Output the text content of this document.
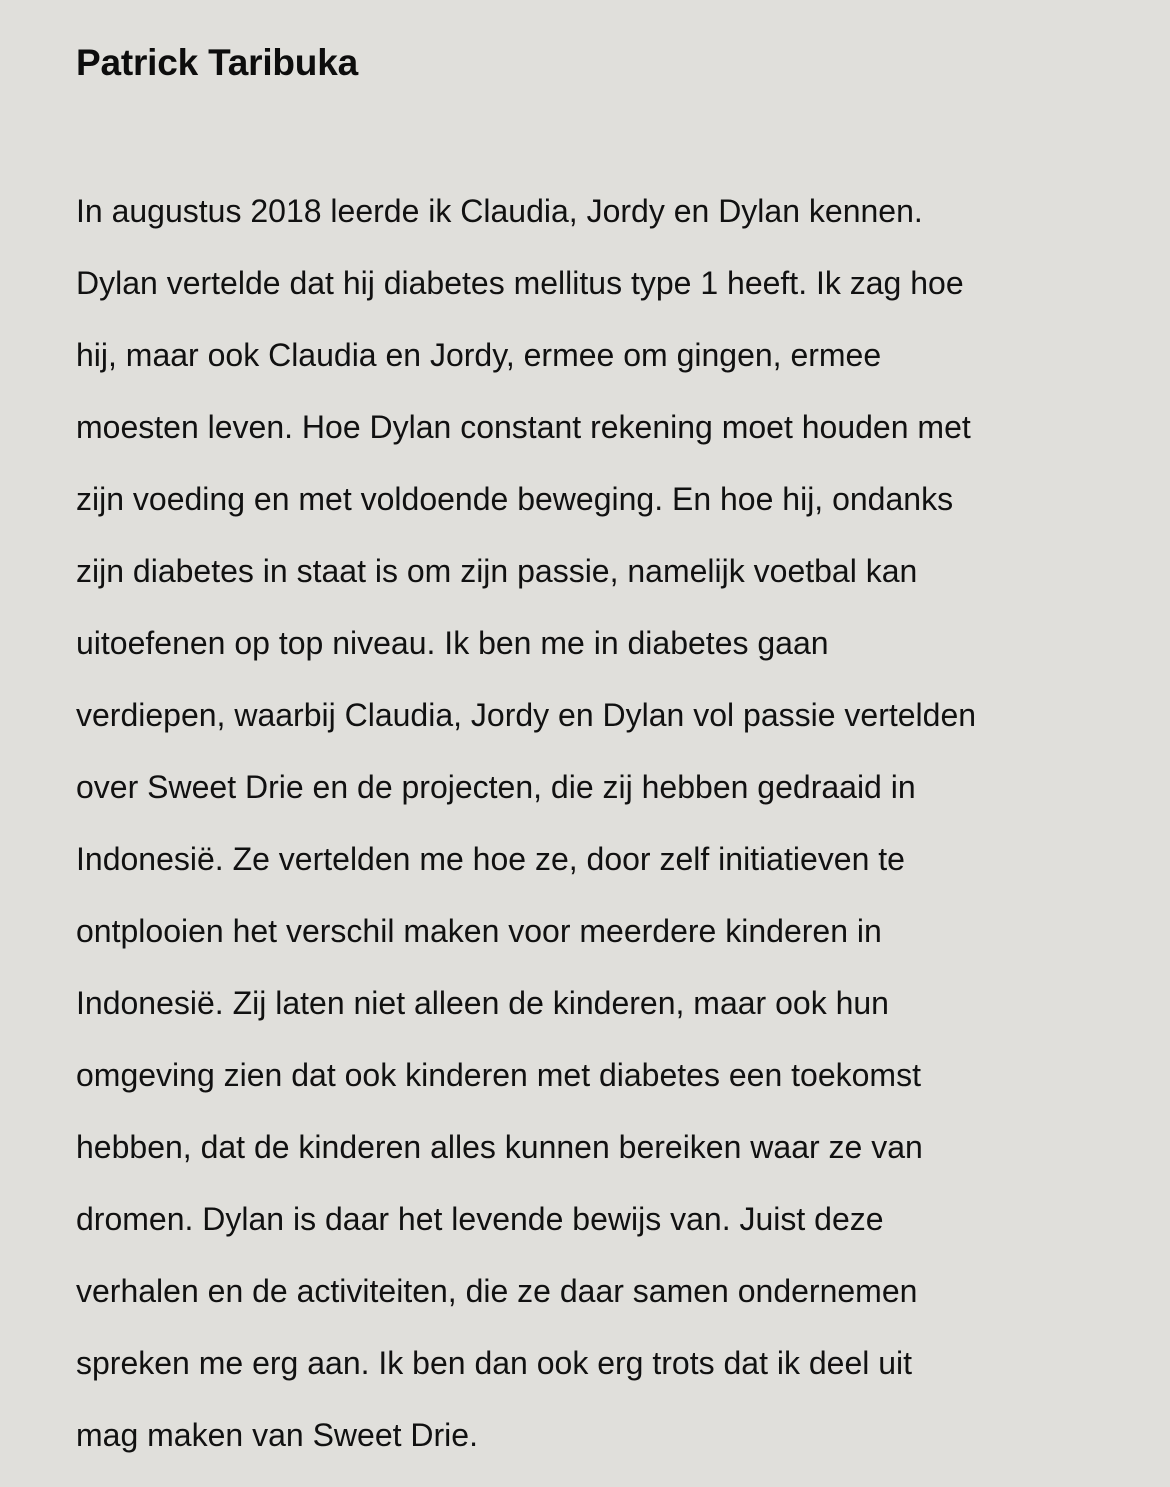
Patrick Taribuka
In augustus 2018 leerde ik Claudia, Jordy en Dylan kennen.
Dylan vertelde dat hij diabetes mellitus type 1 heeft. Ik zag hoe
hij, maar ook Claudia en Jordy, ermee om gingen, ermee
moesten leven. Hoe Dylan constant rekening moet houden met
zijn voeding en met voldoende beweging. En hoe hij, ondanks
zijn diabetes in staat is om zijn passie, namelijk voetbal kan
uitoefenen op top niveau. Ik ben me in diabetes gaan
verdiepen, waarbij Claudia, Jordy en Dylan vol passie vertelden
over Sweet Drie en de projecten, die zij hebben gedraaid in
Indonesië. Ze vertelden me hoe ze, door zelf initiatieven te
ontplooien het verschil maken voor meerdere kinderen in
Indonesië. Zij laten niet alleen de kinderen, maar ook hun
omgeving zien dat ook kinderen met diabetes een toekomst
hebben, dat de kinderen alles kunnen bereiken waar ze van
dromen. Dylan is daar het levende bewijs van. Juist deze
verhalen en de activiteiten, die ze daar samen ondernemen
spreken me erg aan. Ik ben dan ook erg trots dat ik deel uit
mag maken van Sweet Drie.
